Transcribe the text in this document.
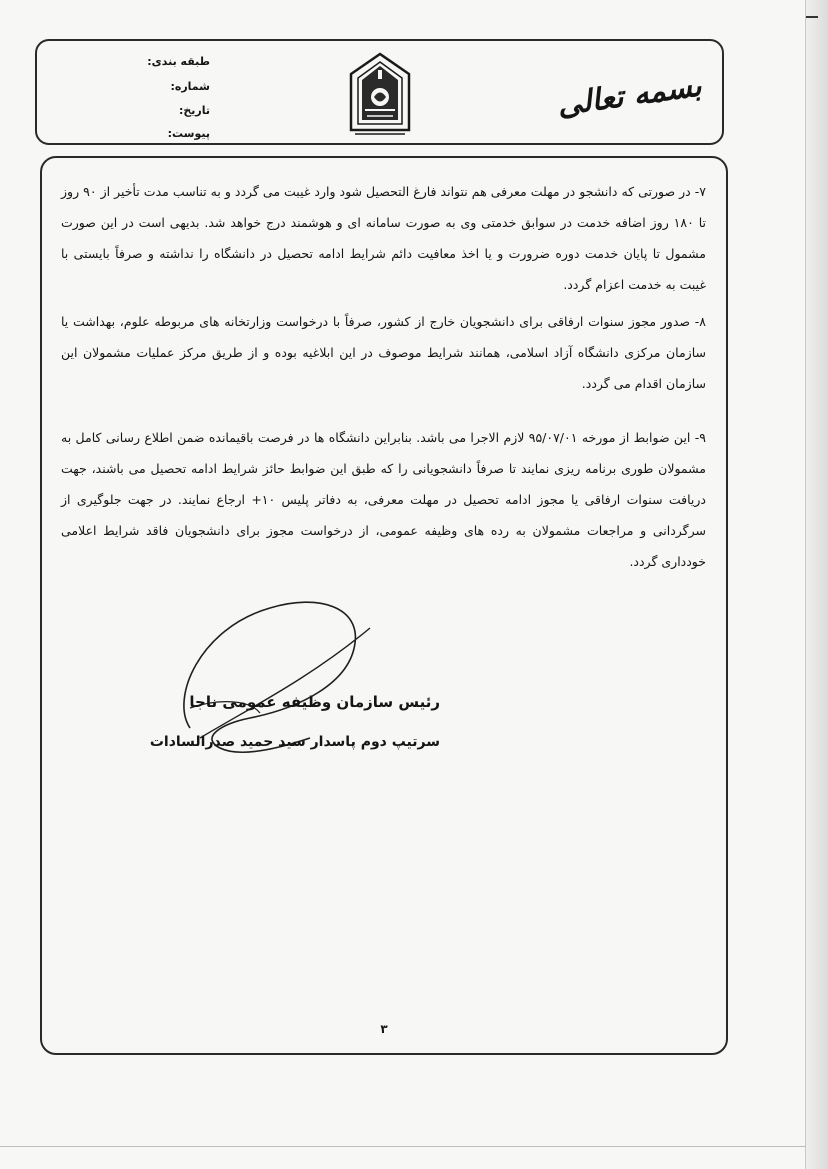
طبقه بندی:
شماره:
تاریخ:
پیوست:
بسمه تعالی

۷- در صورتی که دانشجو در مهلت معرفی هم نتواند فارغ التحصیل شود وارد غیبت می گردد و به تناسب مدت تأخیر از ۹۰ روز تا ۱۸۰ روز اضافه خدمت در سوابق خدمتی وی به صورت سامانه ای و هوشمند درج خواهد شد. بدیهی است در این صورت مشمول تا پایان خدمت دوره ضرورت و یا اخذ معافیت دائم شرایط ادامه تحصیل در دانشگاه را نداشته و صرفاً بایستی با غیبت به خدمت اعزام گردد.

۸- صدور مجوز سنوات ارفاقی برای دانشجویان خارج از کشور، صرفاً با درخواست وزارتخانه های مربوطه علوم، بهداشت یا سازمان مرکزی دانشگاه آزاد اسلامی، همانند شرایط موصوف در این ابلاغیه بوده و از طریق مرکز عملیات مشمولان این سازمان اقدام می گردد.

۹- این ضوابط از مورخه ۹۵/۰۷/۰۱ لازم الاجرا می باشد. بنابراین دانشگاه ها در فرصت باقیمانده ضمن اطلاع رسانی کامل به مشمولان طوری برنامه ریزی نمایند تا صرفاً دانشجویانی را که طبق این ضوابط حائز شرایط ادامه تحصیل می باشند، جهت دریافت سنوات ارفاقی یا مجوز ادامه تحصیل در مهلت معرفی، به دفاتر پلیس ۱۰+ ارجاع نمایند. در جهت جلوگیری از سرگردانی و مراجعات مشمولان به رده های وظیفه عمومی، از درخواست مجوز برای دانشجویان فاقد شرایط اعلامی خودداری گردد.

رئیس سازمان وظیفه عمومی ناجا
سرتیپ دوم پاسدار سید حمید صدرالسادات
۳
